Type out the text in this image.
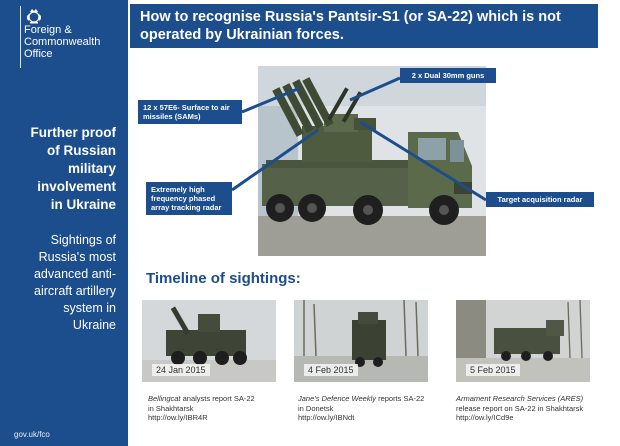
Foreign &
Commonwealth
Office
Further proof
of Russian
military
involvement
in Ukraine
Sightings of
Russia's most
advanced anti-
aircraft artillery
system in
Ukraine
gov.uk/fco
How to recognise Russia's Pantsir-S1 (or SA-22) which is not
operated by Ukrainian forces.
2 x Dual 30mm guns
12 x 57E6- Surface to air missiles (SAMs)
Extremely high frequency phased array tracking radar
Target acquisition radar
Timeline of sightings:
24 Jan 2015	4 Feb 2015	5 Feb 2015
Bellingcat analysts report SA-22
in Shakhtarsk
http://ow.ly/IBR4R
Jane's Defence Weekly reports SA-22
in Donetsk
http://ow.ly/IBNdt
Armament Research Services (ARES)
release report on SA-22 in Shakhtarsk
http://ow.ly/ICd9e
